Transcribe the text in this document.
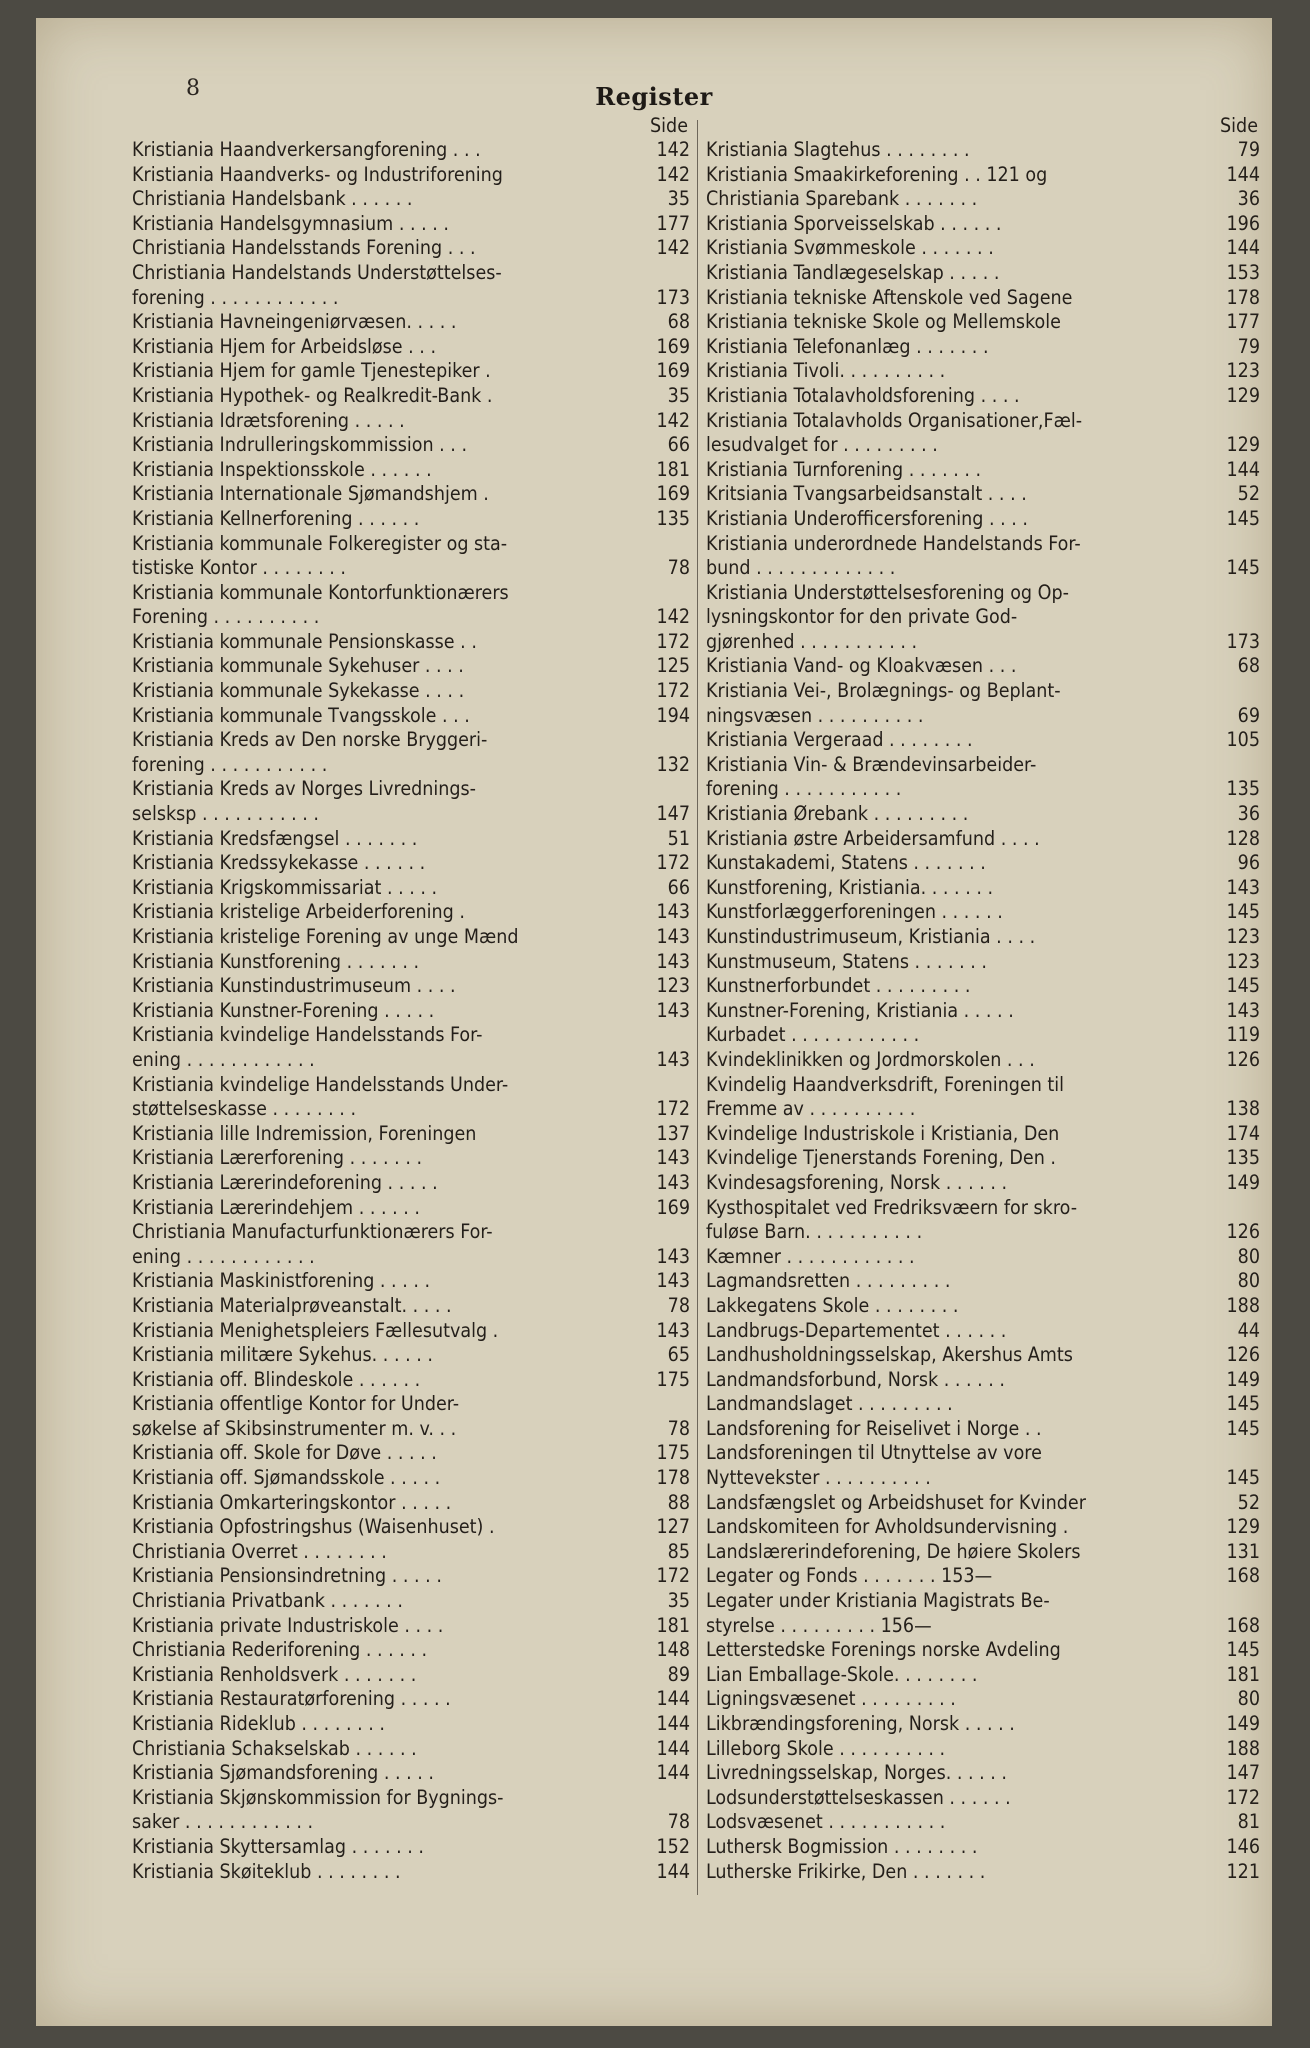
8	Register
Side
Kristiania Haandverkersangforening . . .	142
Kristiania Haandverks- og Industriforening	142
Christiania Handelsbank . . . . . .	35
Kristiania Handelsgymnasium . . . . .	177
Christiania Handelsstands Forening . . .	142
Christiania Handelstands Understøttelses-
forening . . . . . . . . . . . .	173
Kristiania Havneingeniørvæsen. . . . .	68
Kristiania Hjem for Arbeidsløse . . .	169
Kristiania Hjem for gamle Tjenestepiker .	169
Kristiania Hypothek- og Realkredit-Bank .	35
Kristiania Idrætsforening . . . . .	142
Kristiania Indrulleringskommission . . .	66
Kristiania Inspektionsskole . . . . . .	181
Kristiania Internationale Sjømandshjem .	169
Kristiania Kellnerforening . . . . . .	135
Kristiania kommunale Folkeregister og sta-
tistiske Kontor . . . . . . . .	78
Kristiania kommunale Kontorfunktionærers
Forening . . . . . . . . . .	142
Kristiania kommunale Pensionskasse . .	172
Kristiania kommunale Sykehuser . . . .	125
Kristiania kommunale Sykekasse . . . .	172
Kristiania kommunale Tvangsskole . . .	194
Kristiania Kreds av Den norske Bryggeri-
forening . . . . . . . . . . .	132
Kristiania Kreds av Norges Livrednings-
selsksp . . . . . . . . . . .	147
Kristiania Kredsfængsel . . . . . . .	51
Kristiania Kredssykekasse . . . . . .	172
Kristiania Krigskommissariat . . . . .	66
Kristiania kristelige Arbeiderforening .	143
Kristiania kristelige Forening av unge Mænd	143
Kristiania Kunstforening . . . . . . .	143
Kristiania Kunstindustrimuseum . . . .	123
Kristiania Kunstner-Forening . . . . .	143
Kristiania kvindelige Handelsstands For-
ening . . . . . . . . . . . .	143
Kristiania kvindelige Handelsstands Under-
støttelseskasse . . . . . . . .	172
Kristiania lille Indremission, Foreningen	137
Kristiania Lærerforening . . . . . . .	143
Kristiania Lærerindeforening . . . . .	143
Kristiania Lærerindehjem . . . . . .	169
Christiania Manufacturfunktionærers For-
ening . . . . . . . . . . . .	143
Kristiania Maskinistforening . . . . .	143
Kristiania Materialprøveanstalt. . . . .	78
Kristiania Menighetspleiers Fællesutvalg .	143
Kristiania militære Sykehus. . . . . .	65
Kristiania off. Blindeskole . . . . . .	175
Kristiania offentlige Kontor for Under-
søkelse af Skibsinstrumenter m. v. . .	78
Kristiania off. Skole for Døve . . . . .	175
Kristiania off. Sjømandsskole . . . . .	178
Kristiania Omkarteringskontor . . . . .	88
Kristiania Opfostringshus (Waisenhuset) .	127
Christiania Overret . . . . . . . .	85
Kristiania Pensionsindretning . . . . .	172
Christiania Privatbank . . . . . . .	35
Kristiania private Industriskole . . . .	181
Christiania Rederiforening . . . . . .	148
Kristiania Renholdsverk . . . . . . .	89
Kristiania Restauratørforening . . . . .	144
Kristiania Rideklub . . . . . . . .	144
Christiania Schakselskab . . . . . .	144
Kristiania Sjømandsforening . . . . .	144
Kristiania Skjønskommission for Bygnings-
saker . . . . . . . . . . . .	78
Kristiania Skyttersamlag . . . . . . .	152
Kristiania Skøiteklub . . . . . . . .	144
Side
Kristiania Slagtehus . . . . . . . .	79
Kristiania Smaakirkeforening . . 121 og	144
Christiania Sparebank . . . . . . .	36
Kristiania Sporveisselskab . . . . . .	196
Kristiania Svømmeskole . . . . . . .	144
Kristiania Tandlægeselskap . . . . .	153
Kristiania tekniske Aftenskole ved Sagene	178
Kristiania tekniske Skole og Mellemskole	177
Kristiania Telefonanlæg . . . . . . .	79
Kristiania Tivoli. . . . . . . . . .	123
Kristiania Totalavholdsforening . . . .	129
Kristiania Totalavholds Organisationer,Fæl-
lesudvalget for . . . . . . . . .	129
Kristiania Turnforening . . . . . . .	144
Kritsiania Tvangsarbeidsanstalt . . . .	52
Kristiania Underofficersforening . . . .	145
Kristiania underordnede Handelstands For-
bund . . . . . . . . . . . . .	145
Kristiania Understøttelsesforening og Op-
lysningskontor for den private God-
gjørenhed . . . . . . . . . . .	173
Kristiania Vand- og Kloakvæsen . . .	68
Kristiania Vei-, Brolægnings- og Beplant-
ningsvæsen . . . . . . . . . .	69
Kristiania Vergeraad . . . . . . . .	105
Kristiania Vin- & Brændevinsarbeider-
forening . . . . . . . . . . .	135
Kristiania Ørebank . . . . . . . . .	36
Kristiania østre Arbeidersamfund . . . .	128
Kunstakademi, Statens . . . . . . .	96
Kunstforening, Kristiania. . . . . . .	143
Kunstforlæggerforeningen . . . . . .	145
Kunstindustrimuseum, Kristiania . . . .	123
Kunstmuseum, Statens . . . . . . .	123
Kunstnerforbundet . . . . . . . . .	145
Kunstner-Forening, Kristiania . . . . .	143
Kurbadet . . . . . . . . . . . .	119
Kvindeklinikken og Jordmorskolen . . .	126
Kvindelig Haandverksdrift, Foreningen til
Fremme av . . . . . . . . . .	138
Kvindelige Industriskole i Kristiania, Den	174
Kvindelige Tjenerstands Forening, Den .	135
Kvindesagsforening, Norsk . . . . . .	149
Kysthospitalet ved Fredriksvæern for skro-
fuløse Barn. . . . . . . . . . .	126
Kæmner . . . . . . . . . . . .	80
Lagmandsretten . . . . . . . . .	80
Lakkegatens Skole . . . . . . . .	188
Landbrugs-Departementet . . . . . .	44
Landhusholdningsselskap, Akershus Amts	126
Landmandsforbund, Norsk . . . . . .	149
Landmandslaget . . . . . . . . .	145
Landsforening for Reiselivet i Norge . .	145
Landsforeningen til Utnyttelse av vore
Nyttevekster . . . . . . . . . .	145
Landsfængslet og Arbeidshuset for Kvinder	52
Landskomiteen for Avholdsundervisning .	129
Landslærerindeforening, De høiere Skolers	131
Legater og Fonds . . . . . . . 153—	168
Legater under Kristiania Magistrats Be-
styrelse . . . . . . . . . 156—	168
Letterstedske Forenings norske Avdeling	145
Lian Emballage-Skole. . . . . . . .	181
Ligningsvæsenet . . . . . . . . .	80
Likbrændingsforening, Norsk . . . . .	149
Lilleborg Skole . . . . . . . . . .	188
Livredningsselskap, Norges. . . . . .	147
Lodsunderstøttelseskassen . . . . . .	172
Lodsvæsenet . . . . . . . . . . .	81
Luthersk Bogmission . . . . . . . .	146
Lutherske Frikirke, Den . . . . . . .	121
